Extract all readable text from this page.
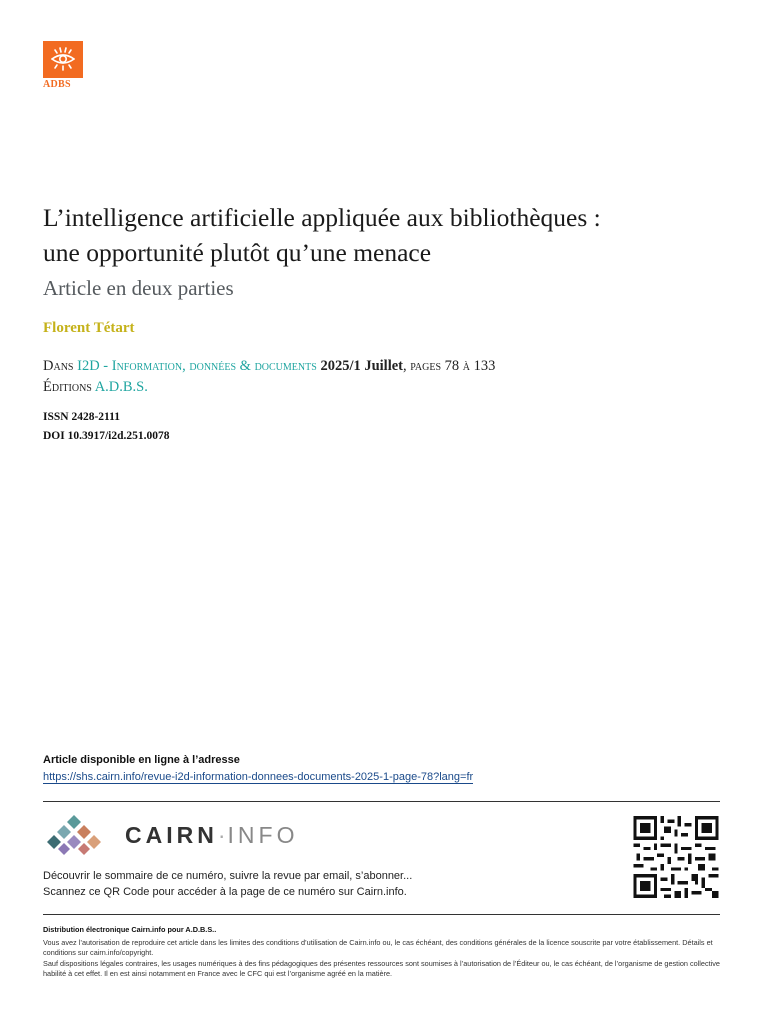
ADBS
L’intelligence artificielle appliquée aux bibliothèques :
une opportunité plutôt qu’une menace
Article en deux parties
Florent Tétart
Dans I2D - Information, données & documents 2025/1 Juillet, pages 78 à 133
Éditions A.D.B.S.
ISSN 2428-2111
DOI 10.3917/i2d.251.0078
Article disponible en ligne à l’adresse
https://shs.cairn.info/revue-i2d-information-donnees-documents-2025-1-page-78?lang=fr
CAIRN·INFO
Découvrir le sommaire de ce numéro, suivre la revue par email, s’abonner...
Scannez ce QR Code pour accéder à la page de ce numéro sur Cairn.info.
Distribution électronique Cairn.info pour A.D.B.S..
Vous avez l’autorisation de reproduire cet article dans les limites des conditions d’utilisation de Cairn.info ou, le cas échéant, des conditions générales de la licence souscrite par votre établissement. Détails et conditions sur cairn.info/copyright.
Sauf dispositions légales contraires, les usages numériques à des fins pédagogiques des présentes ressources sont soumises à l’autorisation de l’Éditeur ou, le cas échéant, de l’organisme de gestion collective habilité à cet effet. Il en est ainsi notamment en France avec le CFC qui est l’organisme agréé en la matière.
